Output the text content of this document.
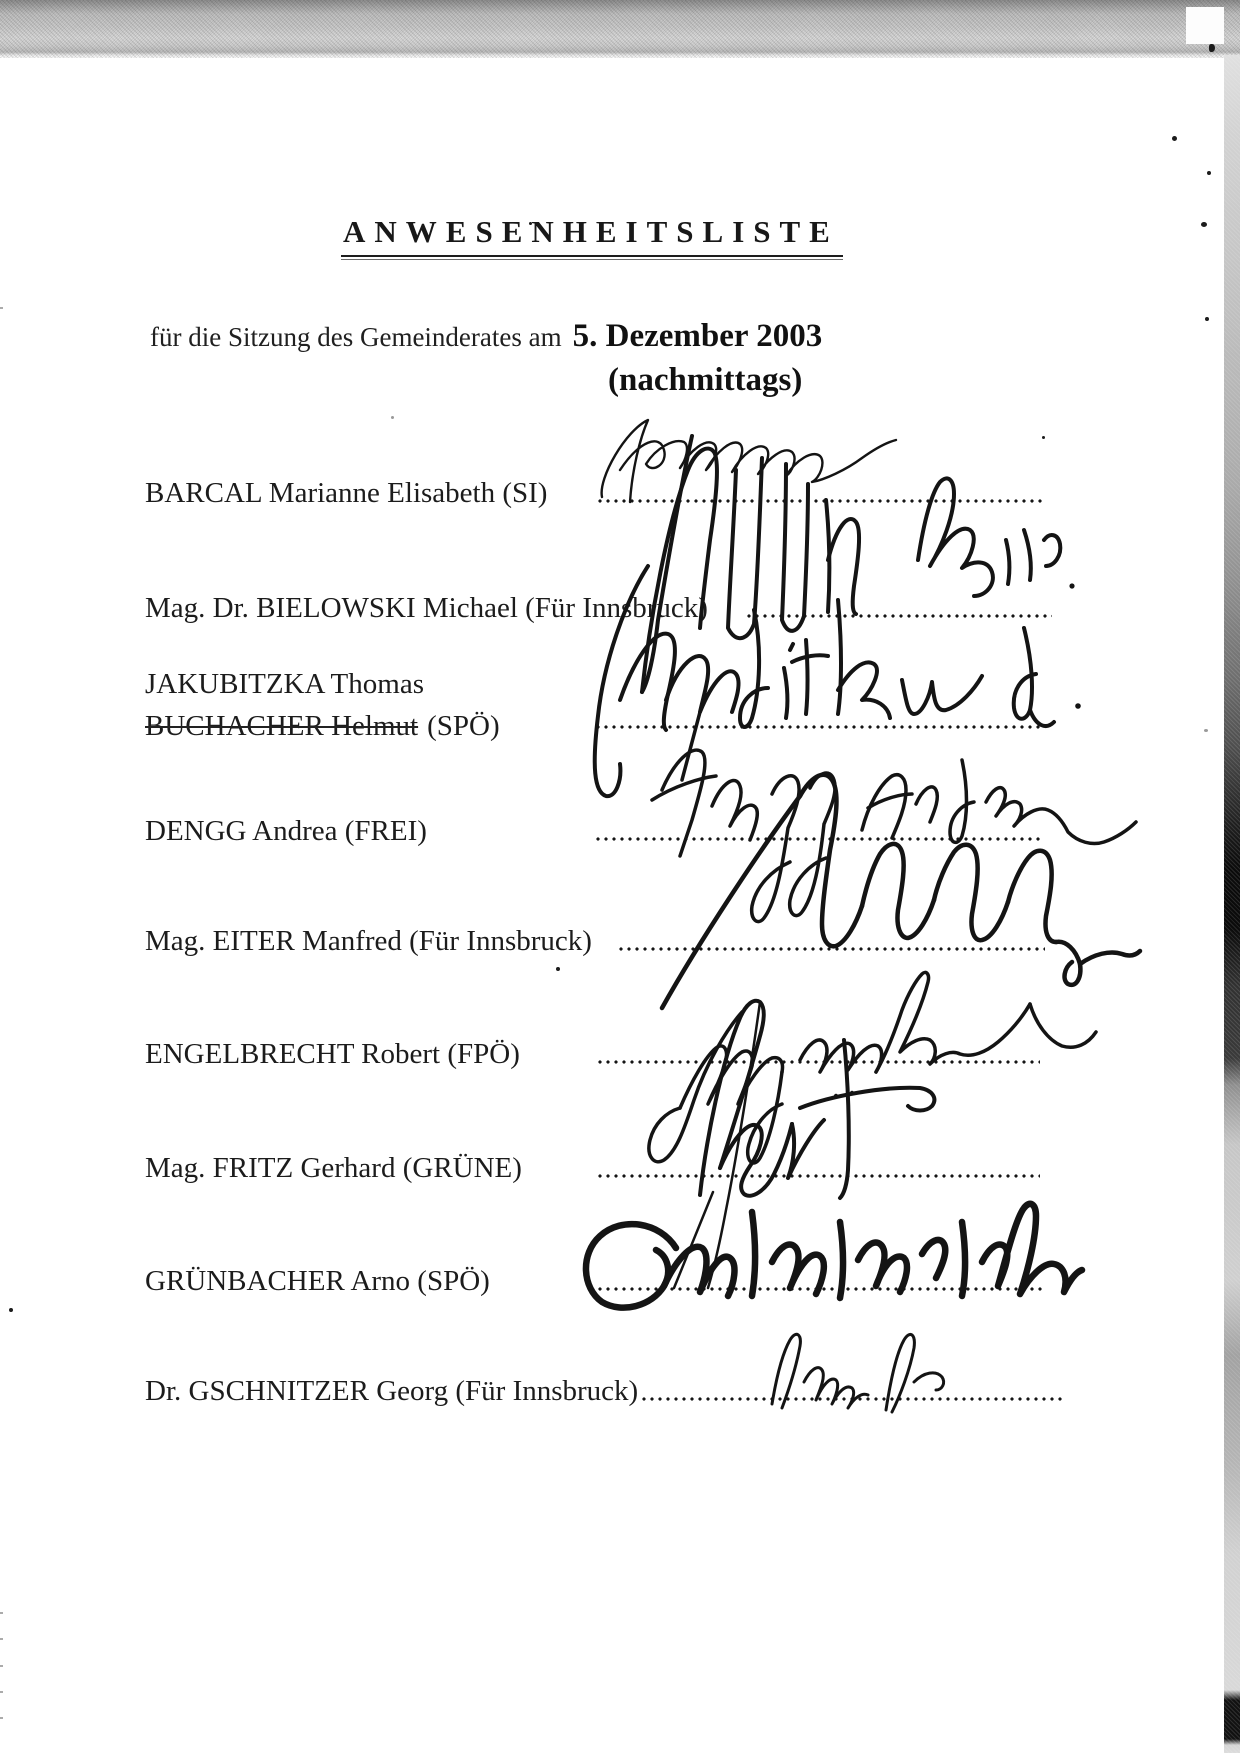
ANWESENHEITSLISTE
für die Sitzung des Gemeinderates am 5. Dezember 2003
(nachmittags)
BARCAL Marianne Elisabeth (SI)
Mag. Dr. BIELOWSKI Michael (Für Innsbruck)
JAKUBITZKA Thomas
BUCHACHER Helmut (SPÖ)
DENGG Andrea (FREI)
Mag. EITER Manfred (Für Innsbruck)
ENGELBRECHT Robert (FPÖ)
Mag. FRITZ Gerhard (GRÜNE)
GRÜNBACHER Arno (SPÖ)
Dr. GSCHNITZER Georg (Für Innsbruck)
